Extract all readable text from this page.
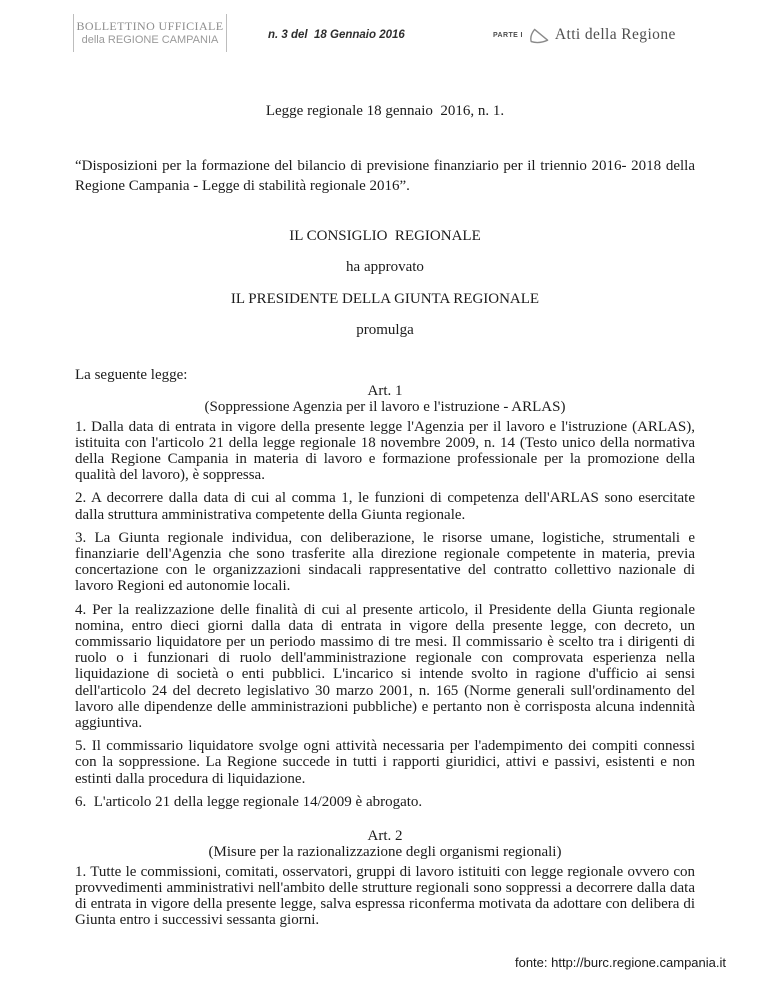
BOLLETTINO UFFICIALE
della REGIONE CAMPANIA	n. 3 del  18 Gennaio 2016	PARTE I Atti della Regione

Legge regionale 18 gennaio  2016, n. 1.

“Disposizioni per la formazione del bilancio di previsione finanziario per il triennio 2016- 2018 della Regione Campania - Legge di stabilità regionale 2016”.

IL CONSIGLIO  REGIONALE

ha approvato

IL PRESIDENTE DELLA GIUNTA REGIONALE

promulga

La seguente legge:

Art. 1

(Soppressione Agenzia per il lavoro e l'istruzione - ARLAS)

1. Dalla data di entrata in vigore della presente legge l'Agenzia per il lavoro e l'istruzione (ARLAS), istituita con l'articolo 21 della legge regionale 18 novembre 2009, n. 14 (Testo unico della normativa della Regione Campania in materia di lavoro e formazione professionale per la promozione della qualità del lavoro), è soppressa.

2. A decorrere dalla data di cui al comma 1, le funzioni di competenza dell'ARLAS sono esercitate dalla struttura amministrativa competente della Giunta regionale.

3. La Giunta regionale individua, con deliberazione, le risorse umane, logistiche, strumentali e finanziarie dell'Agenzia che sono trasferite alla direzione regionale competente in materia, previa concertazione con le organizzazioni sindacali rappresentative del contratto collettivo nazionale di lavoro Regioni ed autonomie locali.

4. Per la realizzazione delle finalità di cui al presente articolo, il Presidente della Giunta regionale nomina, entro dieci giorni dalla data di entrata in vigore della presente legge, con decreto, un commissario liquidatore per un periodo massimo di tre mesi. Il commissario è scelto tra i dirigenti di ruolo o i funzionari di ruolo dell'amministrazione regionale con comprovata esperienza nella liquidazione di società o enti pubblici. L'incarico si intende svolto in ragione d'ufficio ai sensi dell'articolo 24 del decreto legislativo 30 marzo 2001, n. 165 (Norme generali sull'ordinamento del lavoro alle dipendenze delle amministrazioni pubbliche) e pertanto non è corrisposta alcuna indennità aggiuntiva.

5. Il commissario liquidatore svolge ogni attività necessaria per l'adempimento dei compiti connessi con la soppressione. La Regione succede in tutti i rapporti giuridici, attivi e passivi, esistenti e non estinti dalla procedura di liquidazione.

6.  L'articolo 21 della legge regionale 14/2009 è abrogato.

Art. 2

(Misure per la razionalizzazione degli organismi regionali)

1. Tutte le commissioni, comitati, osservatori, gruppi di lavoro istituiti con legge regionale ovvero con provvedimenti amministrativi nell'ambito delle strutture regionali sono soppressi a decorrere dalla data di entrata in vigore della presente legge, salva espressa riconferma motivata da adottare con delibera di Giunta entro i successivi sessanta giorni.

fonte: http://burc.regione.campania.it
